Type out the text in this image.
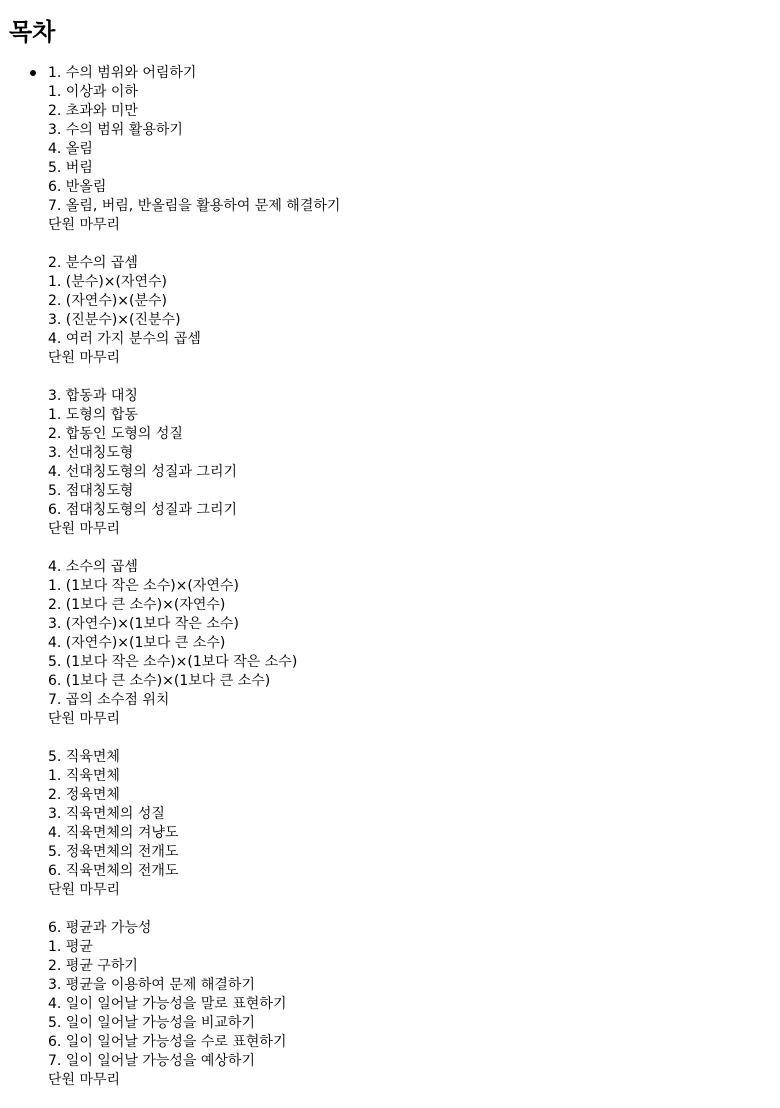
목차
1. 수의 범위와 어림하기
1. 이상과 이하
2. 초과와 미만
3. 수의 범위 활용하기
4. 올림
5. 버림
6. 반올림
7. 올림, 버림, 반올림을 활용하여 문제 해결하기
단원 마무리
2. 분수의 곱셈
1. (분수)×(자연수)
2. (자연수)×(분수)
3. (진분수)×(진분수)
4. 여러 가지 분수의 곱셈
단원 마무리
3. 합동과 대칭
1. 도형의 합동
2. 합동인 도형의 성질
3. 선대칭도형
4. 선대칭도형의 성질과 그리기
5. 점대칭도형
6. 점대칭도형의 성질과 그리기
단원 마무리
4. 소수의 곱셈
1. (1보다 작은 소수)×(자연수)
2. (1보다 큰 소수)×(자연수)
3. (자연수)×(1보다 작은 소수)
4. (자연수)×(1보다 큰 소수)
5. (1보다 작은 소수)×(1보다 작은 소수)
6. (1보다 큰 소수)×(1보다 큰 소수)
7. 곱의 소수점 위치
단원 마무리
5. 직육면체
1. 직육면체
2. 정육면체
3. 직육면체의 성질
4. 직육면체의 겨냥도
5. 정육면체의 전개도
6. 직육면체의 전개도
단원 마무리
6. 평균과 가능성
1. 평균
2. 평균 구하기
3. 평균을 이용하여 문제 해결하기
4. 일이 일어날 가능성을 말로 표현하기
5. 일이 일어날 가능성을 비교하기
6. 일이 일어날 가능성을 수로 표현하기
7. 일이 일어날 가능성을 예상하기
단원 마무리
